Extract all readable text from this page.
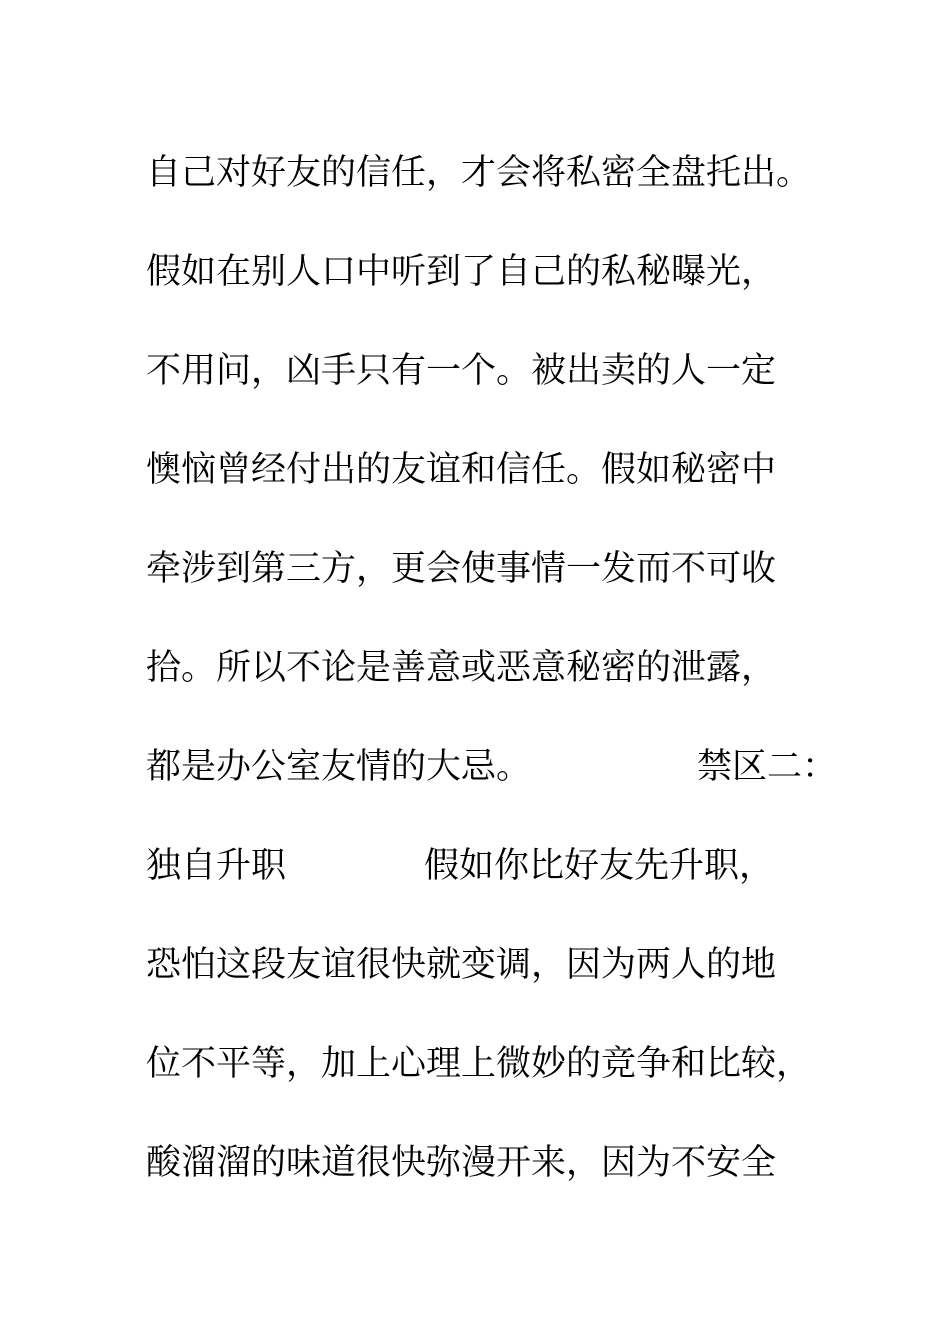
自己对好友的信任，才会将私密全盘托出。
假如在别人口中听到了自己的私秘曝光，
不用问，凶手只有一个。被出卖的人一定
懊恼曾经付出的友谊和信任。假如秘密中
牵涉到第三方，更会使事情一发而不可收
拾。所以不论是善意或恶意秘密的泄露，
都是办公室友情的大忌。	禁区二：
独自升职	假如你比好友先升职，
恐怕这段友谊很快就变调，因为两人的地
位不平等，加上心理上微妙的竞争和比较，
酸溜溜的味道很快弥漫开来，因为不安全
